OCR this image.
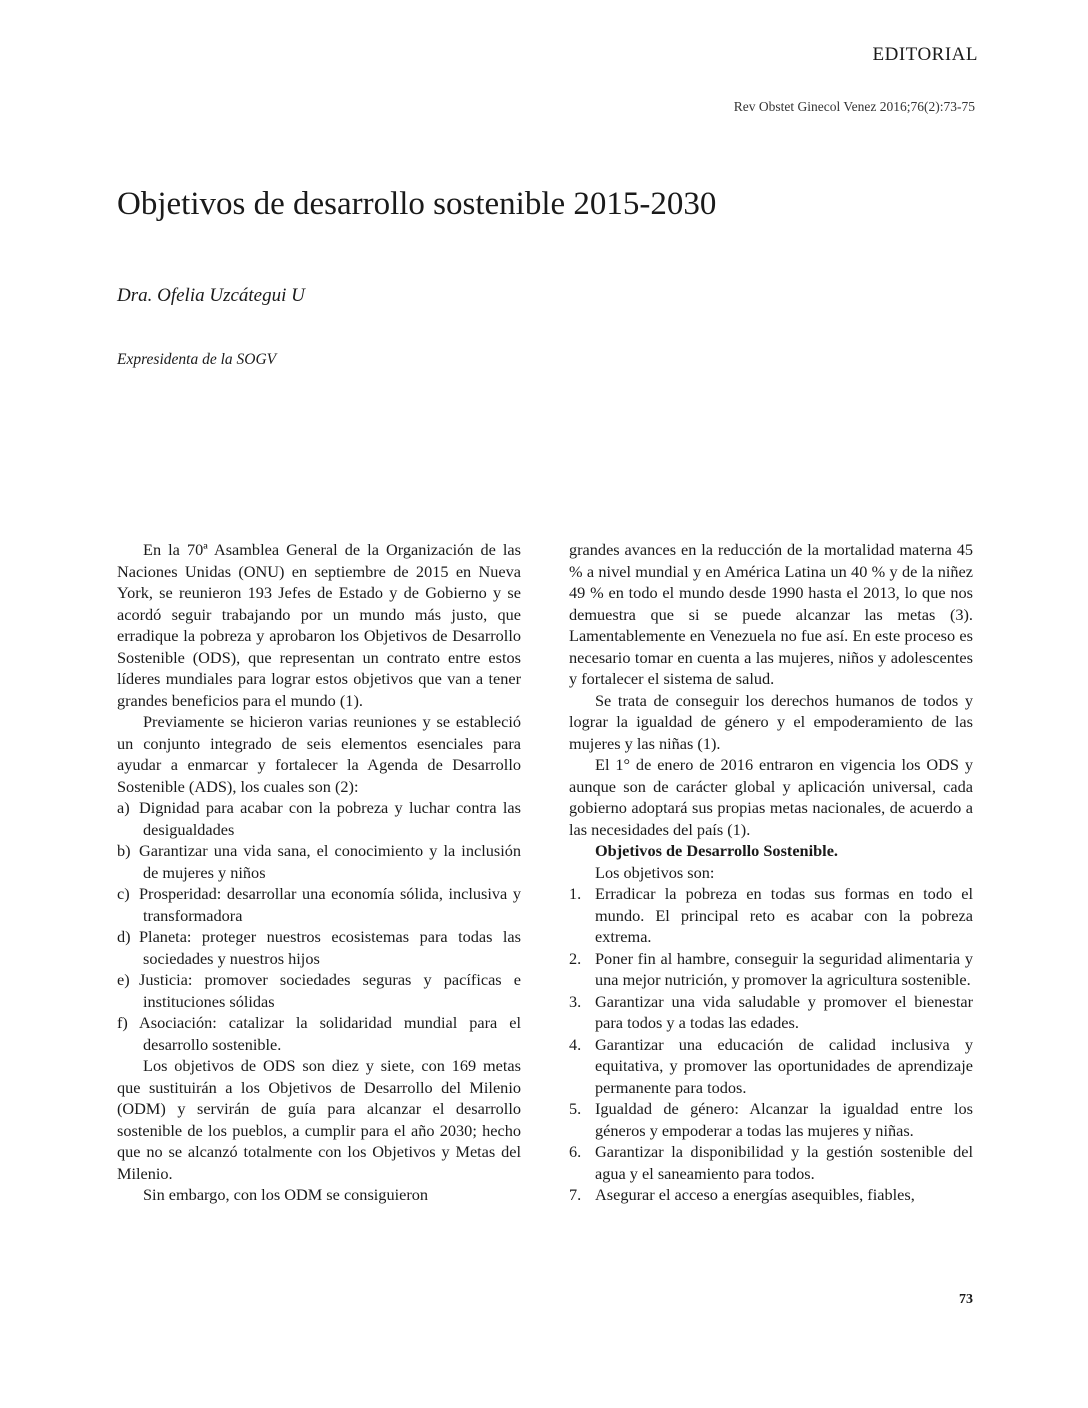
EDITORIAL
Rev Obstet Ginecol Venez 2016;76(2):73-75
Objetivos de desarrollo sostenible 2015-2030
Dra. Ofelia Uzcátegui U
Expresidenta de la SOGV

En la 70ª Asamblea General de la Organización de las Naciones Unidas (ONU) en septiembre de 2015 en Nueva York, se reunieron 193 Jefes de Estado y de Gobierno y se acordó seguir trabajando por un mundo más justo, que erradique la pobreza y aprobaron los Objetivos de Desarrollo Sostenible (ODS), que representan un contrato entre estos líderes mundiales para lograr estos objetivos que van a tener grandes beneficios para el mundo (1).

Previamente se hicieron varias reuniones y se estableció un conjunto integrado de seis elementos esenciales para ayudar a enmarcar y fortalecer la Agenda de Desarrollo Sostenible (ADS), los cuales son (2):

a) Dignidad para acabar con la pobreza y luchar contra las desigualdades
b) Garantizar una vida sana, el conocimiento y la inclusión de mujeres y niños
c) Prosperidad: desarrollar una economía sólida, inclusiva y transformadora
d) Planeta: proteger nuestros ecosistemas para todas las sociedades y nuestros hijos
e) Justicia: promover sociedades seguras y pacíficas e instituciones sólidas
f) Asociación: catalizar la solidaridad mundial para el desarrollo sostenible.

Los objetivos de ODS son diez y siete, con 169 metas que sustituirán a los Objetivos de Desarrollo del Milenio (ODM) y servirán de guía para alcanzar el desarrollo sostenible de los pueblos, a cumplir para el año 2030; hecho que no se alcanzó totalmente con los Objetivos y Metas del Milenio.

Sin embargo, con los ODM se consiguieron

grandes avances en la reducción de la mortalidad materna 45 % a nivel mundial y en América Latina un 40 % y de la niñez 49 % en todo el mundo desde 1990 hasta el 2013, lo que nos demuestra que si se puede alcanzar las metas (3). Lamentablemente en Venezuela no fue así. En este proceso es necesario tomar en cuenta a las mujeres, niños y adolescentes y fortalecer el sistema de salud.

Se trata de conseguir los derechos humanos de todos y lograr la igualdad de género y el empoderamiento de las mujeres y las niñas (1).

El 1° de enero de 2016 entraron en vigencia los ODS y aunque son de carácter global y aplicación universal, cada gobierno adoptará sus propias metas nacionales, de acuerdo a las necesidades del país (1).

Objetivos de Desarrollo Sostenible.

Los objetivos son:

1. Erradicar la pobreza en todas sus formas en todo el mundo. El principal reto es acabar con la pobreza extrema.
2. Poner fin al hambre, conseguir la seguridad alimentaria y una mejor nutrición, y promover la agricultura sostenible.
3. Garantizar una vida saludable y promover el bienestar para todos y a todas las edades.
4. Garantizar una educación de calidad inclusiva y equitativa, y promover las oportunidades de aprendizaje permanente para todos.
5. Igualdad de género: Alcanzar la igualdad entre los géneros y empoderar a todas las mujeres y niñas.
6. Garantizar la disponibilidad y la gestión sostenible del agua y el saneamiento para todos.
7. Asegurar el acceso a energías asequibles, fiables,
73
